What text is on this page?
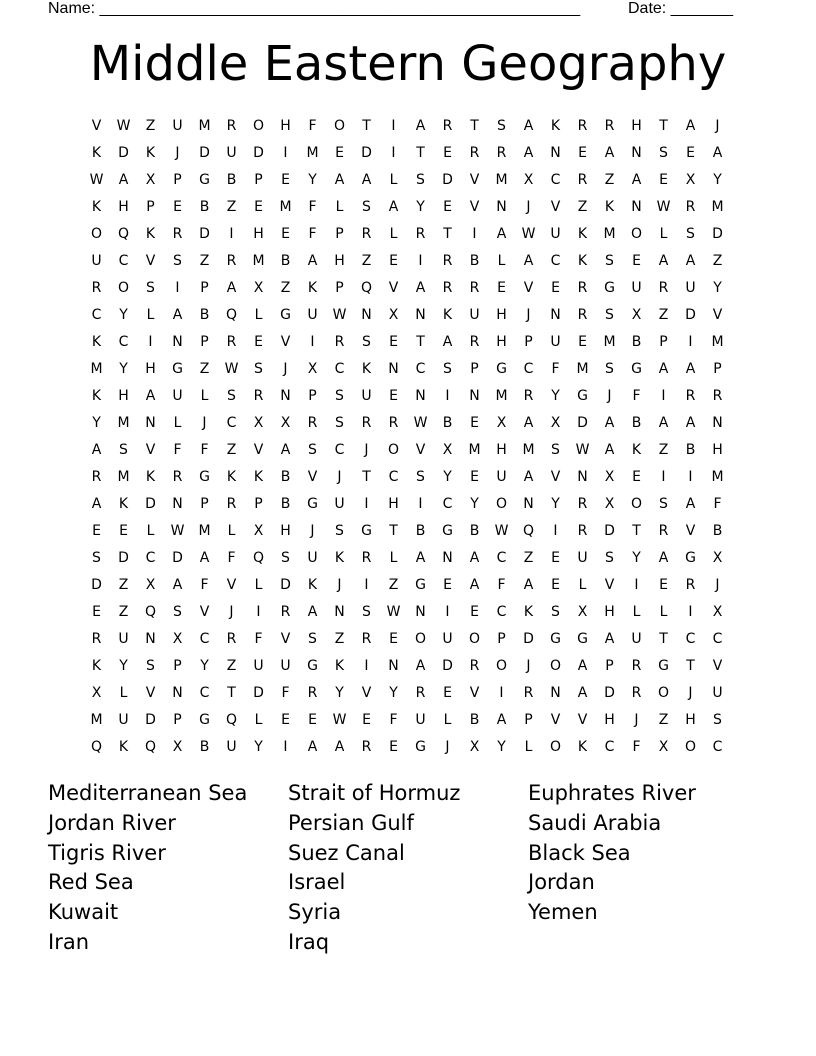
Name: ______________________________________________________	Date: _______
Middle Eastern Geography
V	W	Z	U	M	R	O	H	F	O	T	I	A	R	T	S	A	K	R	R	H	T	A	J
K	D	K	J	D	U	D	I	M	E	D	I	T	E	R	R	A	N	E	A	N	S	E	A
W	A	X	P	G	B	P	E	Y	A	A	L	S	D	V	M	X	C	R	Z	A	E	X	Y
K	H	P	E	B	Z	E	M	F	L	S	A	Y	E	V	N	J	V	Z	K	N	W	R	M
O	Q	K	R	D	I	H	E	F	P	R	L	R	T	I	A	W	U	K	M	O	L	S	D
U	C	V	S	Z	R	M	B	A	H	Z	E	I	R	B	L	A	C	K	S	E	A	A	Z
R	O	S	I	P	A	X	Z	K	P	Q	V	A	R	R	E	V	E	R	G	U	R	U	Y
C	Y	L	A	B	Q	L	G	U	W	N	X	N	K	U	H	J	N	R	S	X	Z	D	V
K	C	I	N	P	R	E	V	I	R	S	E	T	A	R	H	P	U	E	M	B	P	I	M
M	Y	H	G	Z	W	S	J	X	C	K	N	C	S	P	G	C	F	M	S	G	A	A	P
K	H	A	U	L	S	R	N	P	S	U	E	N	I	N	M	R	Y	G	J	F	I	R	R
Y	M	N	L	J	C	X	X	R	S	R	R	W	B	E	X	A	X	D	A	B	A	A	N
A	S	V	F	F	Z	V	A	S	C	J	O	V	X	M	H	M	S	W	A	K	Z	B	H
R	M	K	R	G	K	K	B	V	J	T	C	S	Y	E	U	A	V	N	X	E	I	I	M
A	K	D	N	P	R	P	B	G	U	I	H	I	C	Y	O	N	Y	R	X	O	S	A	F
E	E	L	W	M	L	X	H	J	S	G	T	B	G	B	W	Q	I	R	D	T	R	V	B
S	D	C	D	A	F	Q	S	U	K	R	L	A	N	A	C	Z	E	U	S	Y	A	G	X
D	Z	X	A	F	V	L	D	K	J	I	Z	G	E	A	F	A	E	L	V	I	E	R	J
E	Z	Q	S	V	J	I	R	A	N	S	W	N	I	E	C	K	S	X	H	L	L	I	X
R	U	N	X	C	R	F	V	S	Z	R	E	O	U	O	P	D	G	G	A	U	T	C	C
K	Y	S	P	Y	Z	U	U	G	K	I	N	A	D	R	O	J	O	A	P	R	G	T	V
X	L	V	N	C	T	D	F	R	Y	V	Y	R	E	V	I	R	N	A	D	R	O	J	U
M	U	D	P	G	Q	L	E	E	W	E	F	U	L	B	A	P	V	V	H	J	Z	H	S
Q	K	Q	X	B	U	Y	I	A	A	R	E	G	J	X	Y	L	O	K	C	F	X	O	C
Mediterranean Sea
Jordan River
Tigris River
Red Sea
Kuwait
Iran
Strait of Hormuz
Persian Gulf
Suez Canal
Israel
Syria
Iraq
Euphrates River
Saudi Arabia
Black Sea
Jordan
Yemen
